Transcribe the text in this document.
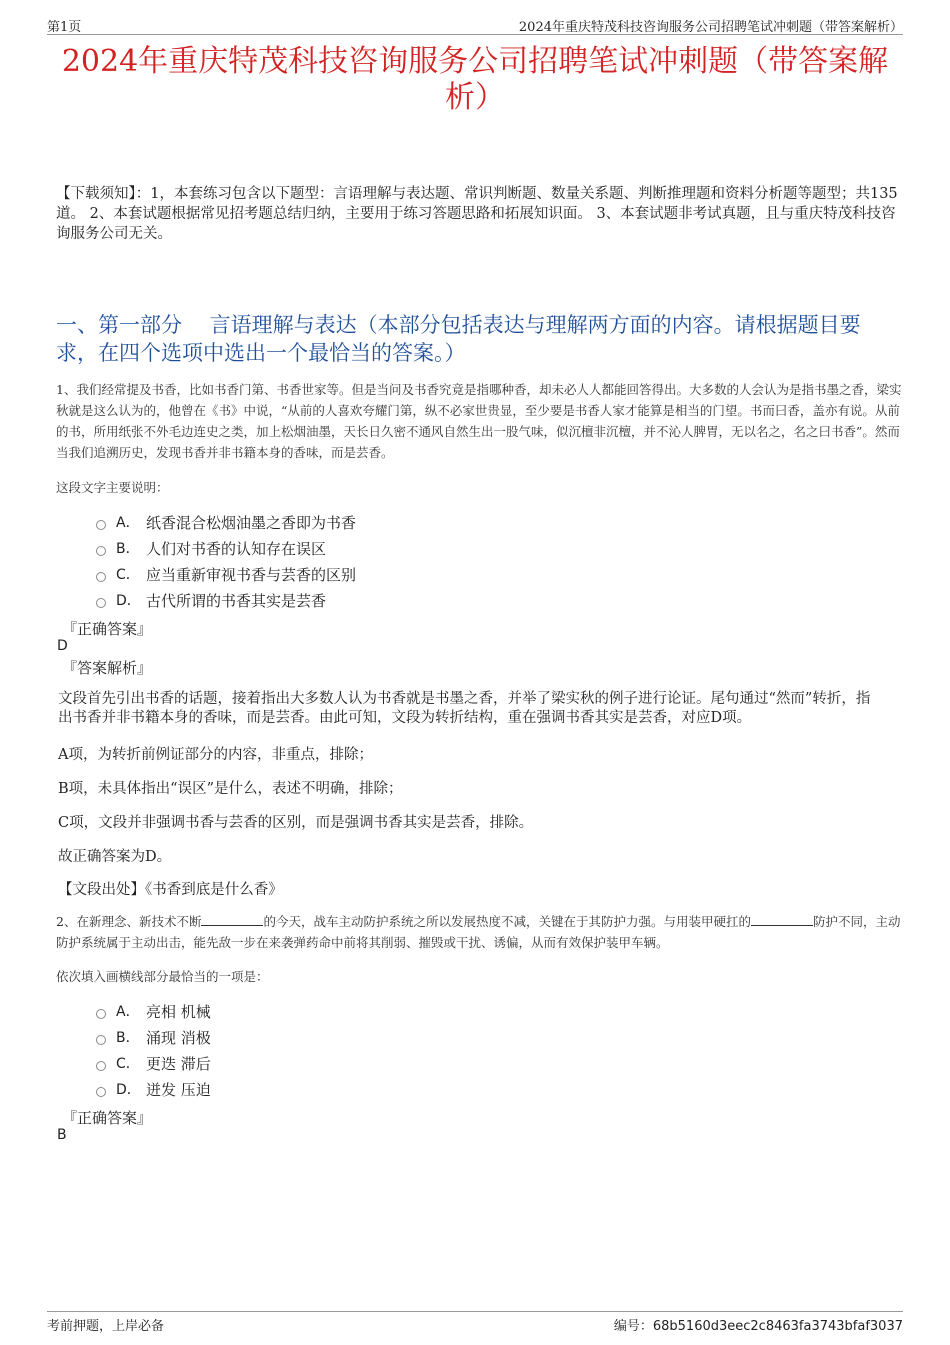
第1页	2024年重庆特茂科技咨询服务公司招聘笔试冲刺题（带答案解析）
2024年重庆特茂科技咨询服务公司招聘笔试冲刺题（带答案解析）
【下载须知】：1，本套练习包含以下题型：言语理解与表达题、常识判断题、数量关系题、判断推理题和资料分析题等题型；共135道。 2、本套试题根据常见招考题总结归纳，主要用于练习答题思路和拓展知识面。 3、本套试题非考试真题，且与重庆特茂科技咨询服务公司无关。
一、第一部分　 言语理解与表达（本部分包括表达与理解两方面的内容。请根据题目要求，在四个选项中选出一个最恰当的答案。）
1、我们经常提及书香，比如书香门第、书香世家等。但是当问及书香究竟是指哪种香，却未必人人都能回答得出。大多数的人会认为是指书墨之香，梁实秋就是这么认为的，他曾在《书》中说，“从前的人喜欢夸耀门第，纵不必家世贵显，至少要是书香人家才能算是相当的门望。书而曰香，盖亦有说。从前的书，所用纸张不外毛边连史之类，加上松烟油墨，天长日久密不通风自然生出一股气味，似沉檀非沉檀，并不沁人脾胃，无以名之，名之曰书香”。然而当我们追溯历史，发现书香并非书籍本身的香味，而是芸香。
这段文字主要说明：
A． 纸香混合松烟油墨之香即为书香
B． 人们对书香的认知存在误区
C． 应当重新审视书香与芸香的区别
D． 古代所谓的书香其实是芸香
『正确答案』
D
『答案解析』
文段首先引出书香的话题，接着指出大多数人认为书香就是书墨之香，并举了梁实秋的例子进行论证。尾句通过“然而”转折，指出书香并非书籍本身的香味，而是芸香。由此可知，文段为转折结构，重在强调书香其实是芸香，对应D项。
A项，为转折前例证部分的内容，非重点，排除；
B项，未具体指出“误区”是什么，表述不明确，排除；
C项，文段并非强调书香与芸香的区别，而是强调书香其实是芸香，排除。
故正确答案为D。
【文段出处】《书香到底是什么香》
2、在新理念、新技术不断	的今天，战车主动防护系统之所以发展热度不减，关键在于其防护力强。与用装甲硬扛的	防护不同，主动防护系统属于主动出击，能先敌一步在来袭弹药命中前将其削弱、摧毁或干扰、诱偏，从而有效保护装甲车辆。
依次填入画横线部分最恰当的一项是：
A． 亮相 机械
B． 涌现 消极
C． 更迭 滞后
D． 迸发 压迫
『正确答案』
B
考前押题，上岸必备	编号：68b5160d3eec2c8463fa3743bfaf3037
